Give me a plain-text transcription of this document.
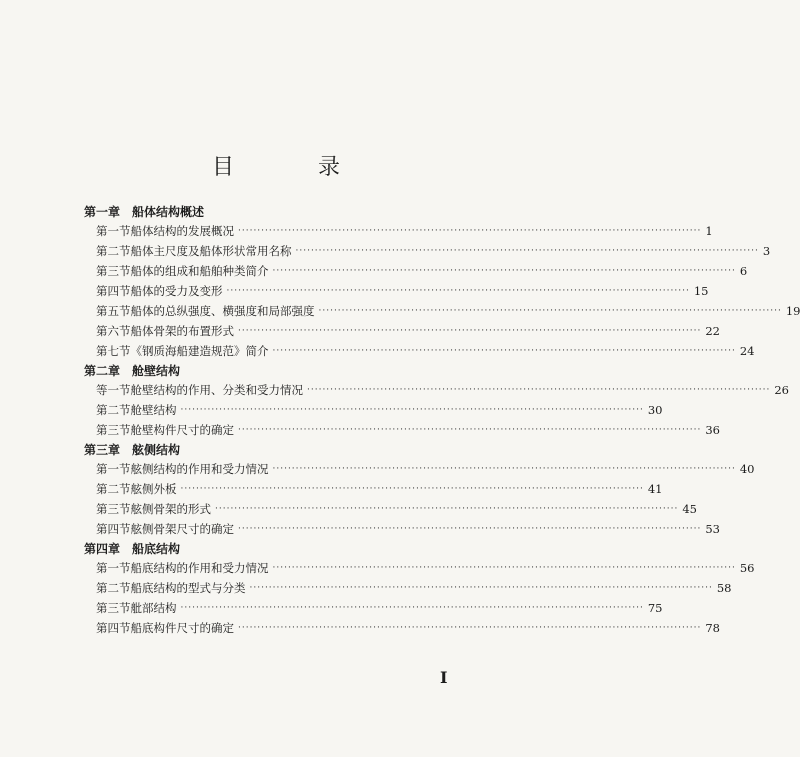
目	录
第一章 船体结构概述
第一节 船体结构的发展概况 ························································································································ 1
第二节 船体主尺度及船体形状常用名称 ························································································································ 3
第三节 船体的组成和船舶种类简介 ························································································································ 6
第四节 船体的受力及变形 ························································································································ 15
第五节 船体的总纵强度、横强度和局部强度 ························································································································ 19
第六节 船体骨架的布置形式 ························································································································ 22
第七节 《钢质海船建造规范》简介 ························································································································ 24
第二章 舱壁结构
等一节 舱壁结构的作用、分类和受力情况 ························································································································ 26
第二节 舱壁结构 ························································································································ 30
第三节 舱壁构件尺寸的确定 ························································································································ 36
第三章 舷侧结构
第一节 舷侧结构的作用和受力情况 ························································································································ 40
第二节 舷侧外板 ························································································································ 41
第三节 舷侧骨架的形式 ························································································································ 45
第四节 舷侧骨架尺寸的确定 ························································································································ 53
第四章 船底结构
第一节 船底结构的作用和受力情况 ························································································································ 56
第二节 船底结构的型式与分类 ························································································································ 58
第三节 舭部结构 ························································································································ 75
第四节 船底构件尺寸的确定 ························································································································ 78
I
